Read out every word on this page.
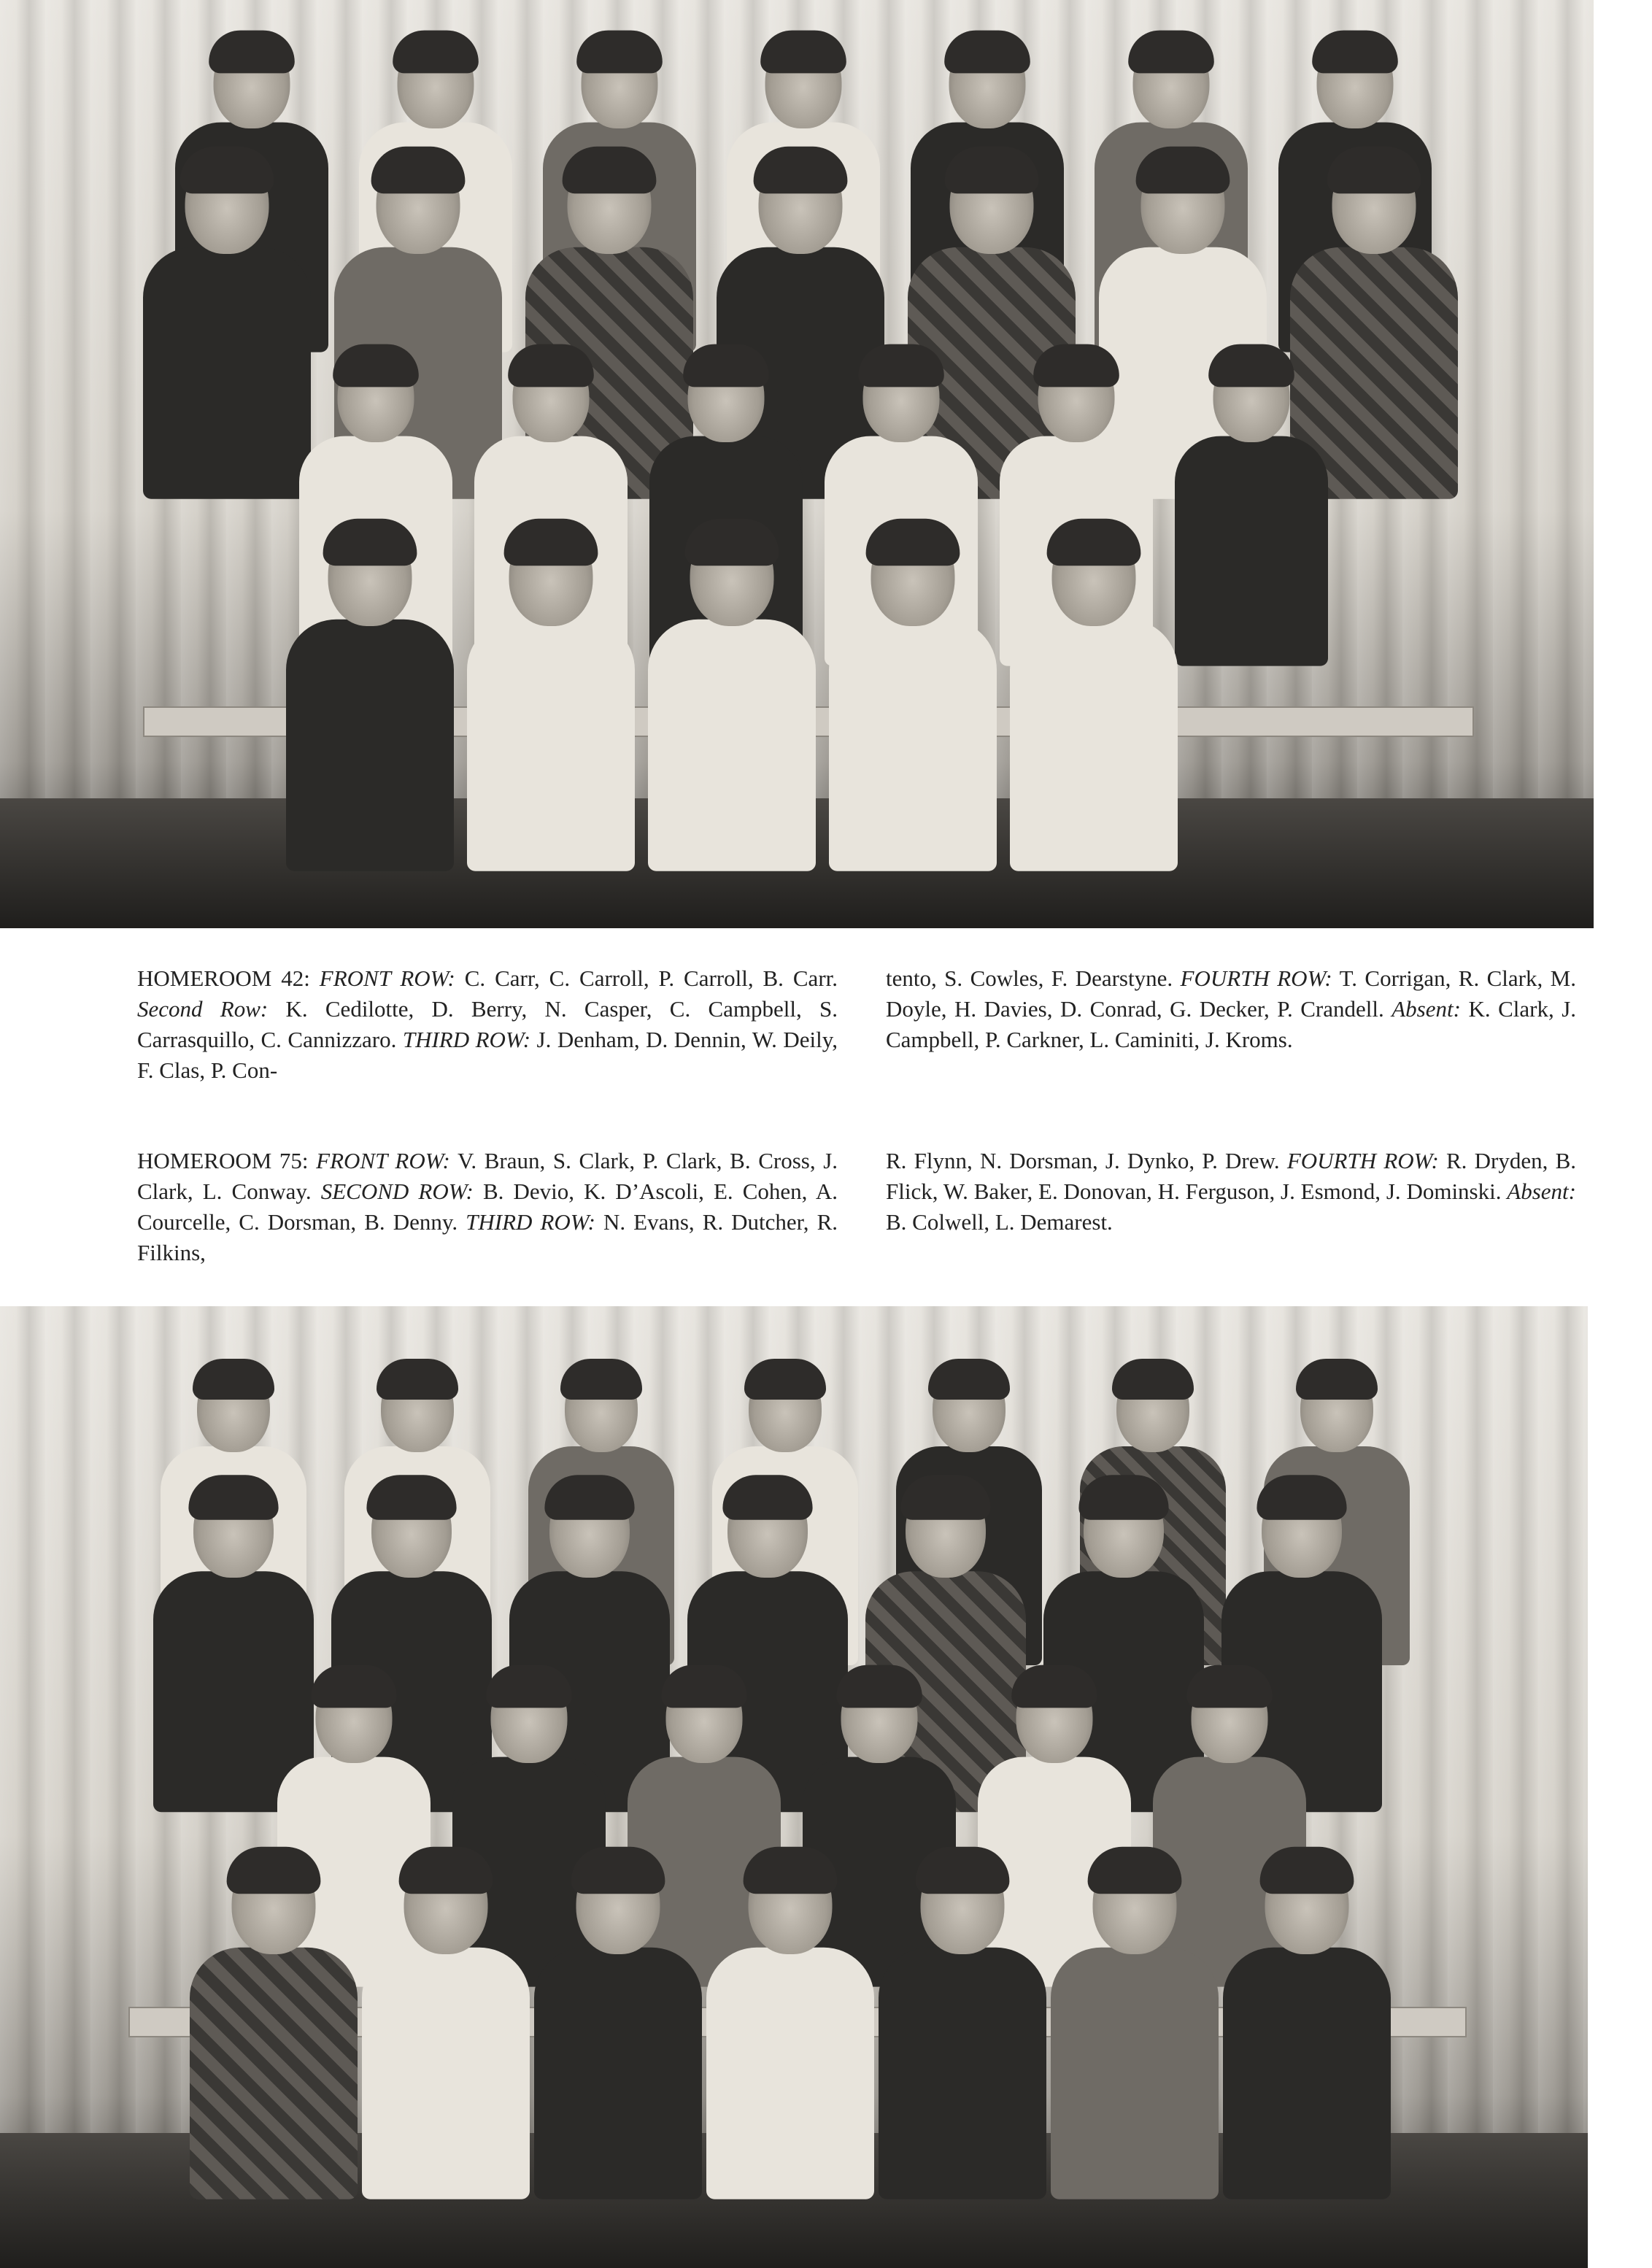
HOMEROOM 42: FRONT ROW: C. Carr, C. Carroll, P. Carroll, B. Carr. Second Row: K. Cedilotte, D. Berry, N. Casper, C. Campbell, S. Carrasquillo, C. Cannizzaro. THIRD ROW: J. Denham, D. Dennin, W. Deily, F. Clas, P. Con-
tento, S. Cowles, F. Dearstyne. FOURTH ROW: T. Corrigan, R. Clark, M. Doyle, H. Davies, D. Conrad, G. Decker, P. Crandell. Absent: K. Clark, J. Campbell, P. Carkner, L. Caminiti, J. Kroms.
HOMEROOM 75: FRONT ROW: V. Braun, S. Clark, P. Clark, B. Cross, J. Clark, L. Conway. SECOND ROW: B. Devio, K. D’Ascoli, E. Cohen, A. Courcelle, C. Dorsman, B. Denny. THIRD ROW: N. Evans, R. Dutcher, R. Filkins,
R. Flynn, N. Dorsman, J. Dynko, P. Drew. FOURTH ROW: R. Dryden, B. Flick, W. Baker, E. Donovan, H. Ferguson, J. Esmond, J. Dominski. Absent: B. Colwell, L. Demarest.
